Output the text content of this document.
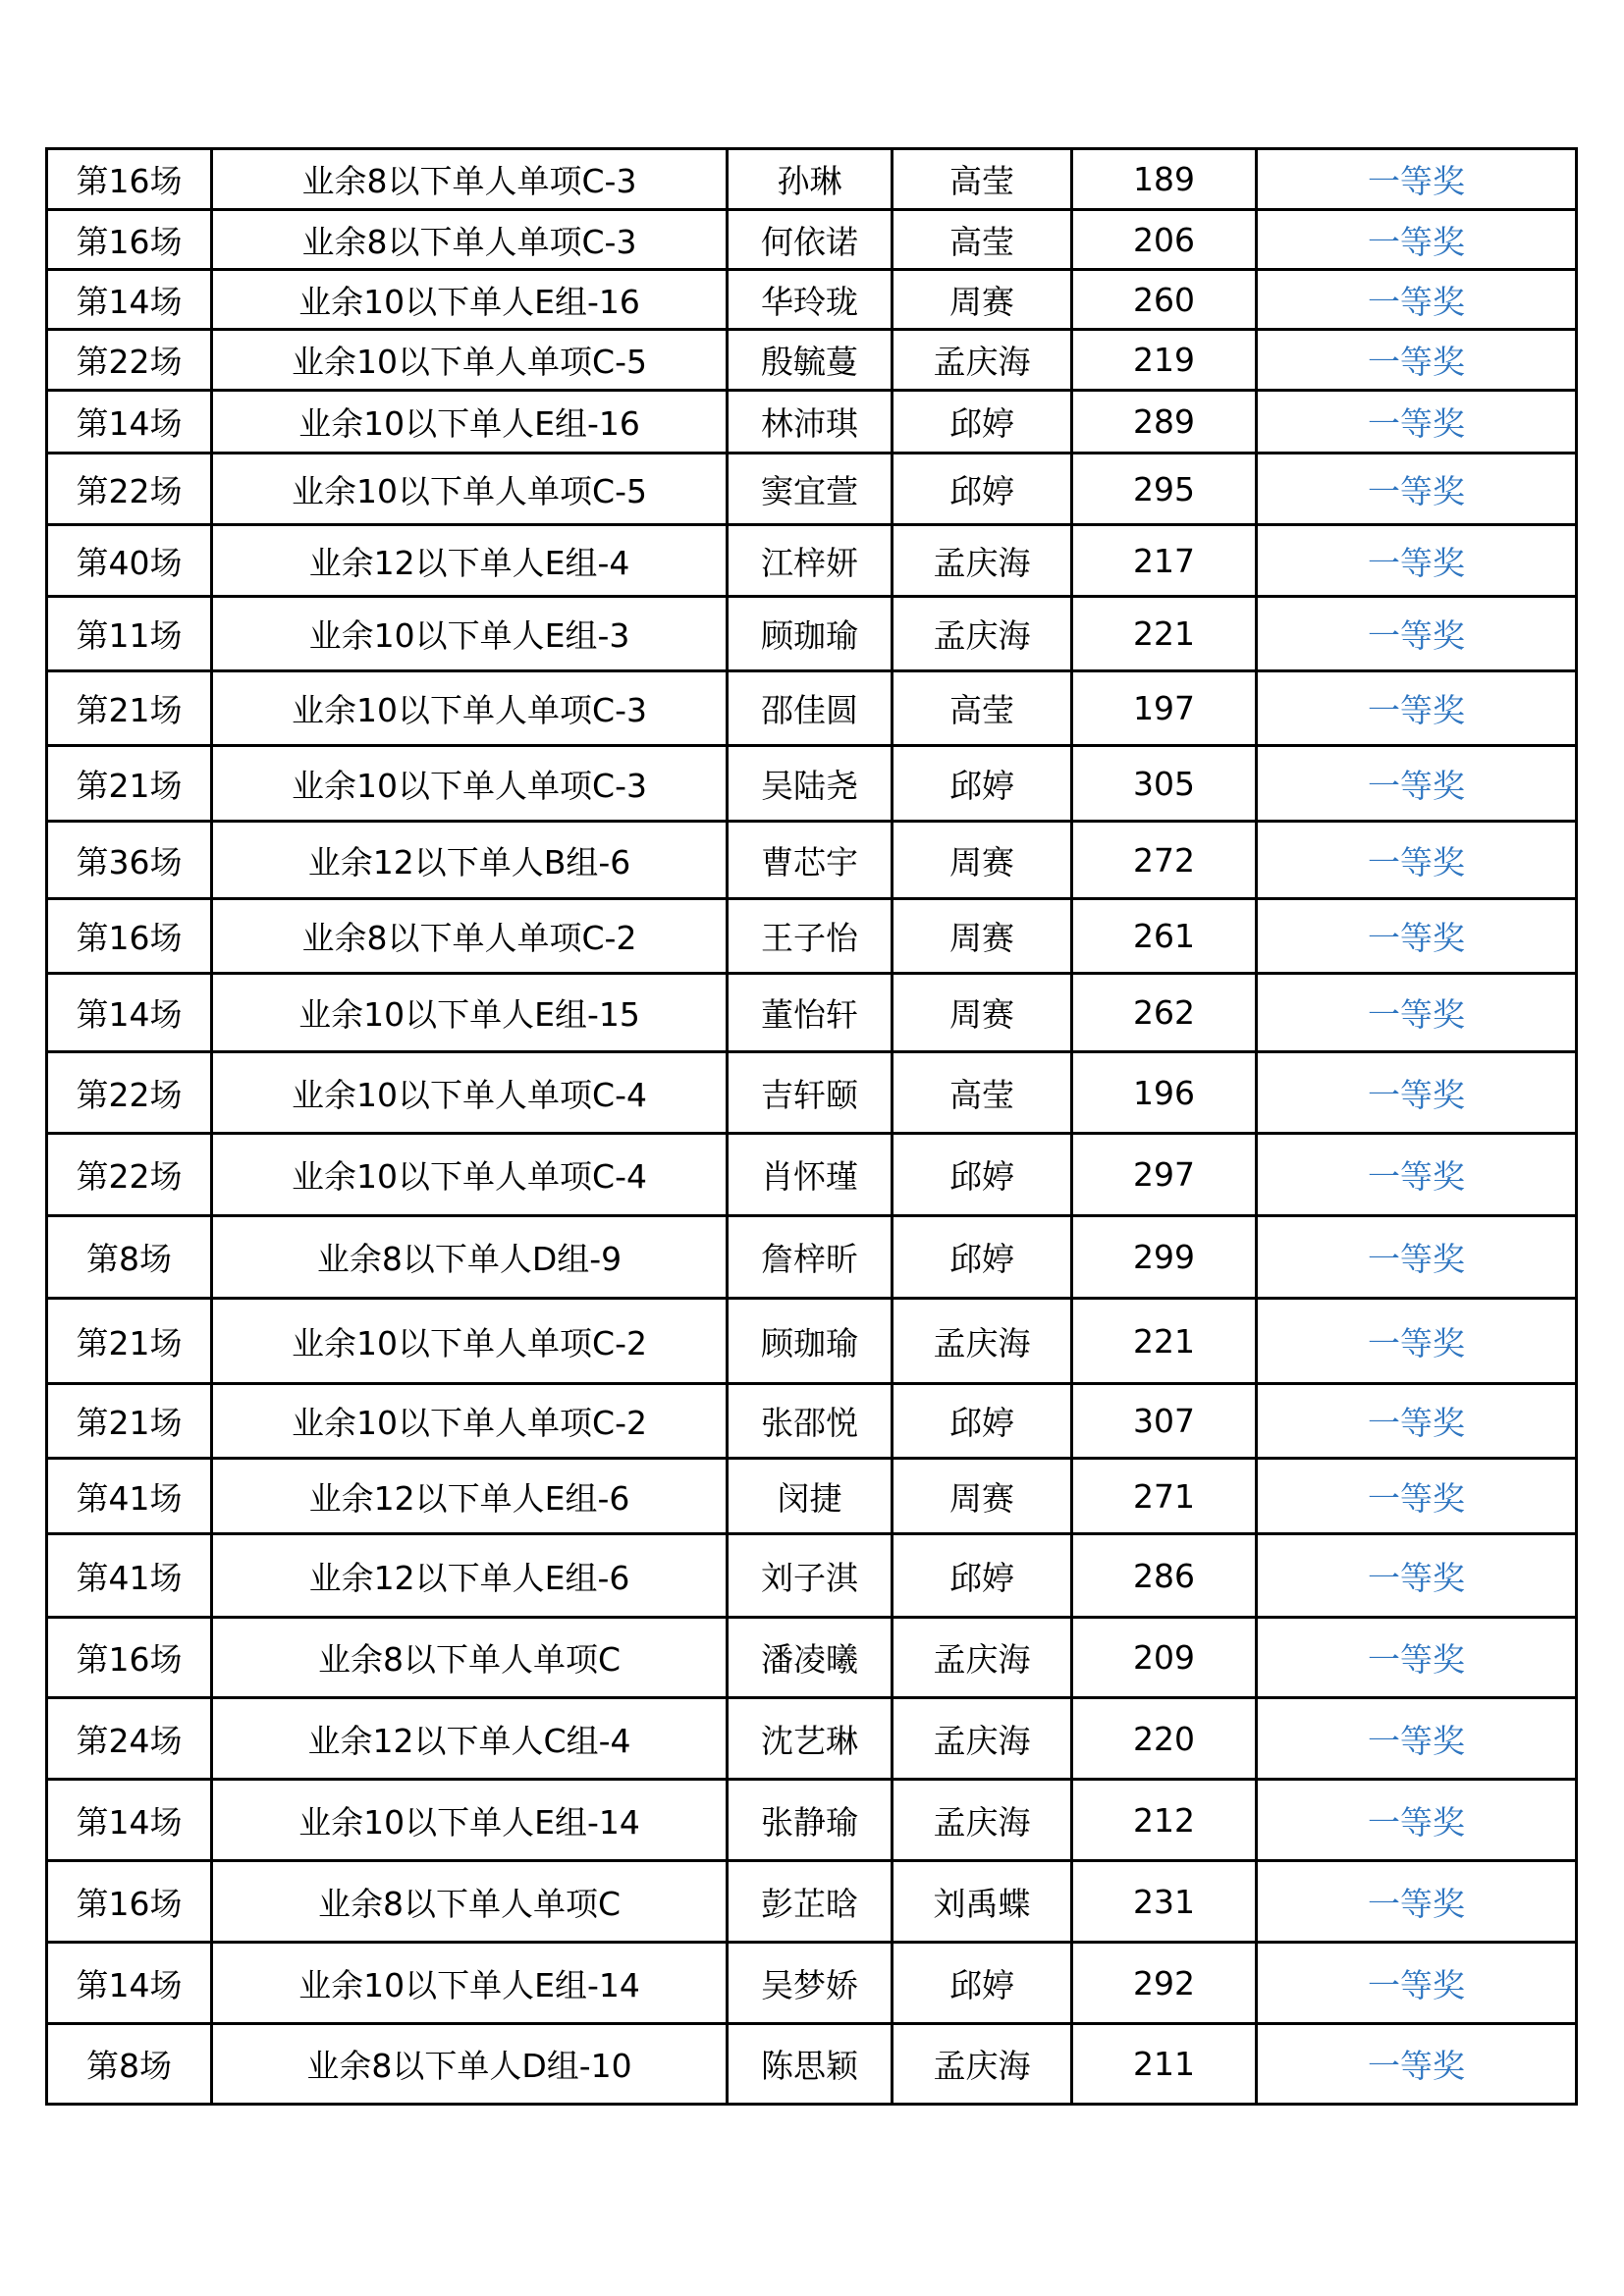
第16场	业余8以下单人单项C-3	孙琳	高莹	189	一等奖
第16场	业余8以下单人单项C-3	何依诺	高莹	206	一等奖
第14场	业余10以下单人E组-16	华玲珑	周赛	260	一等奖
第22场	业余10以下单人单项C-5	殷毓蔓	孟庆海	219	一等奖
第14场	业余10以下单人E组-16	林沛琪	邱婷	289	一等奖
第22场	业余10以下单人单项C-5	窦宜萱	邱婷	295	一等奖
第40场	业余12以下单人E组-4	江梓妍	孟庆海	217	一等奖
第11场	业余10以下单人E组-3	顾珈瑜	孟庆海	221	一等奖
第21场	业余10以下单人单项C-3	邵佳圆	高莹	197	一等奖
第21场	业余10以下单人单项C-3	吴陆尧	邱婷	305	一等奖
第36场	业余12以下单人B组-6	曹芯宇	周赛	272	一等奖
第16场	业余8以下单人单项C-2	王子怡	周赛	261	一等奖
第14场	业余10以下单人E组-15	董怡轩	周赛	262	一等奖
第22场	业余10以下单人单项C-4	吉轩颐	高莹	196	一等奖
第22场	业余10以下单人单项C-4	肖怀瑾	邱婷	297	一等奖
第8场	业余8以下单人D组-9	詹梓昕	邱婷	299	一等奖
第21场	业余10以下单人单项C-2	顾珈瑜	孟庆海	221	一等奖
第21场	业余10以下单人单项C-2	张邵悦	邱婷	307	一等奖
第41场	业余12以下单人E组-6	闵捷	周赛	271	一等奖
第41场	业余12以下单人E组-6	刘子淇	邱婷	286	一等奖
第16场	业余8以下单人单项C	潘凌曦	孟庆海	209	一等奖
第24场	业余12以下单人C组-4	沈艺琳	孟庆海	220	一等奖
第14场	业余10以下单人E组-14	张静瑜	孟庆海	212	一等奖
第16场	业余8以下单人单项C	彭芷晗	刘禹蝶	231	一等奖
第14场	业余10以下单人E组-14	吴梦娇	邱婷	292	一等奖
第8场	业余8以下单人D组-10	陈思颖	孟庆海	211	一等奖
